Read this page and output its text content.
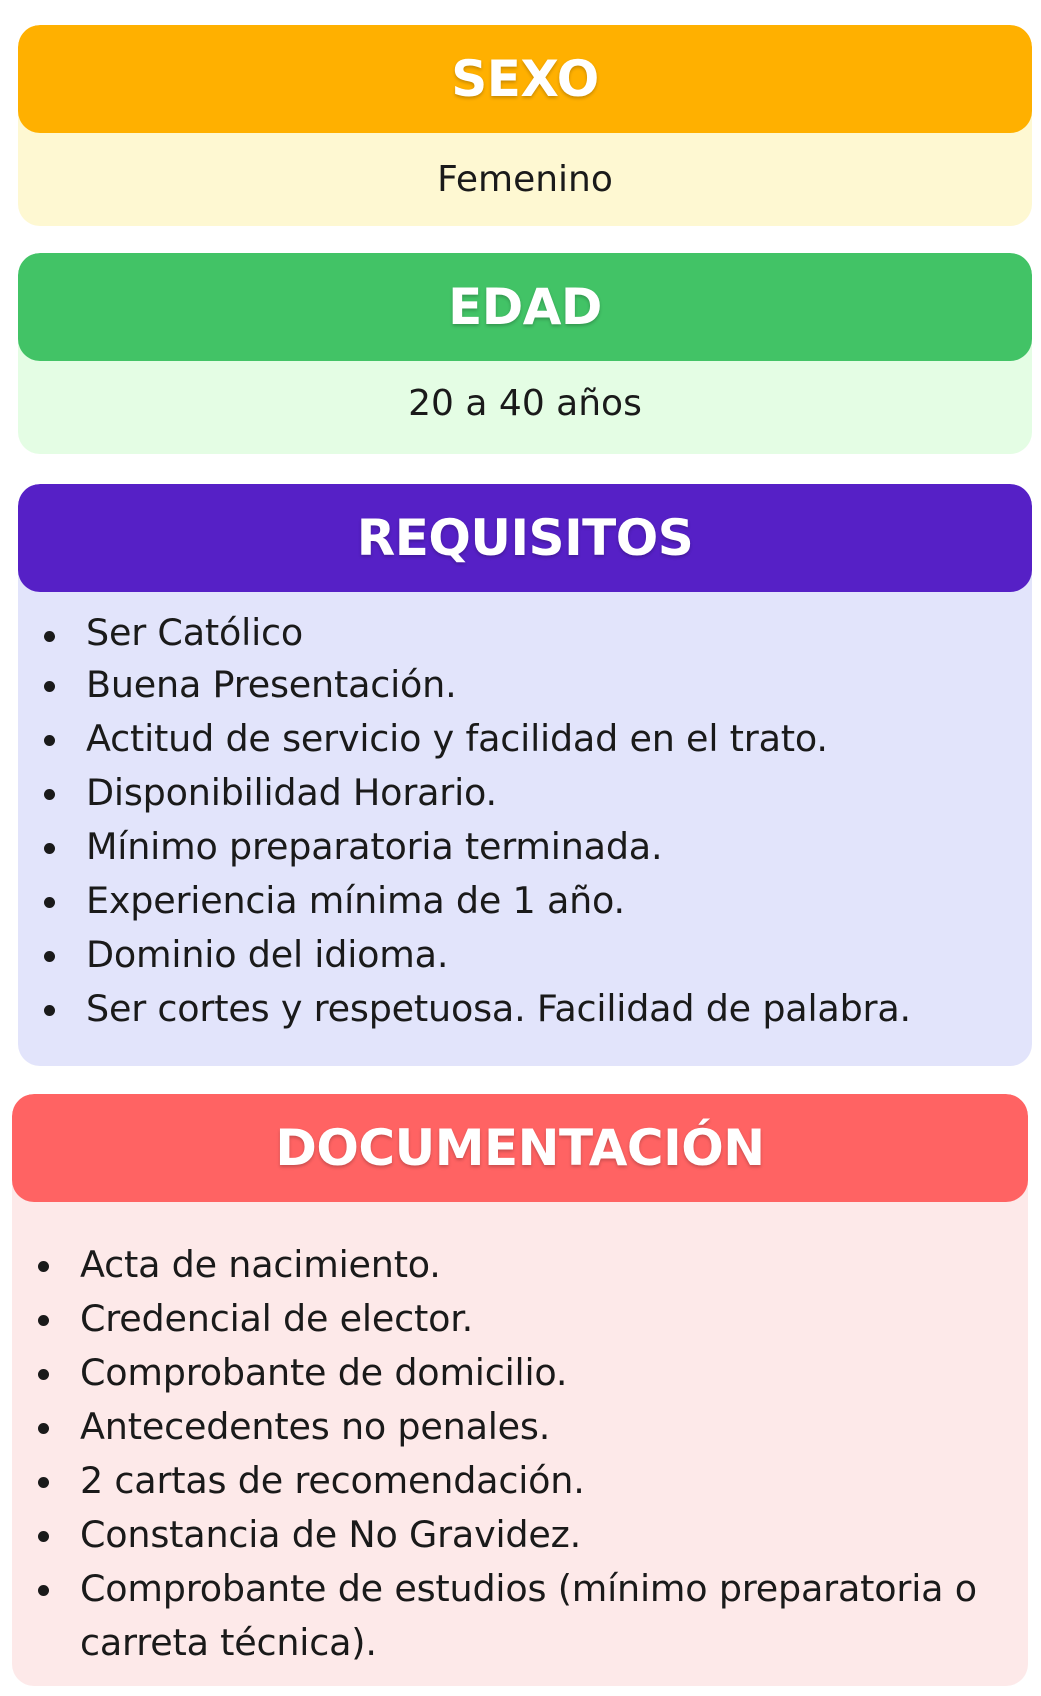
SEXO
Femenino
EDAD
20 a 40 años
REQUISITOS
Ser Católico
Buena Presentación.
Actitud de servicio y facilidad en el trato.
Disponibilidad Horario.
Mínimo preparatoria terminada.
Experiencia mínima de 1 año.
Dominio del idioma.
Ser cortes y respetuosa. Facilidad de palabra.
DOCUMENTACIÓN
Acta de nacimiento.
Credencial de elector.
Comprobante de domicilio.
Antecedentes no penales.
2 cartas de recomendación.
Constancia de No Gravidez.
Comprobante de estudios (mínimo preparatoria o carreta técnica).
